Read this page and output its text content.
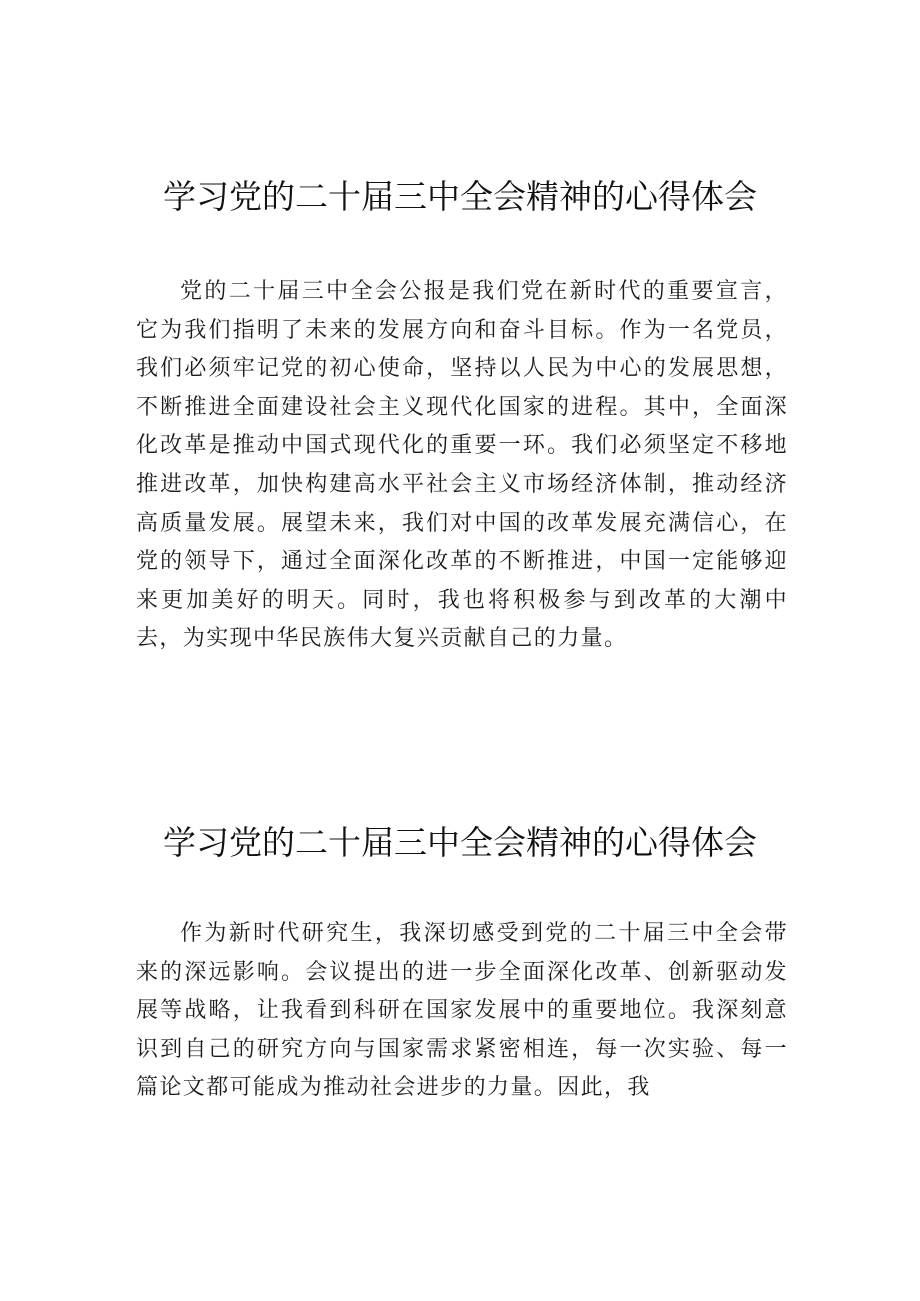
学习党的二十届三中全会精神的心得体会

党的二十届三中全会公报是我们党在新时代的重要宣言，它为我们指明了未来的发展方向和奋斗目标。作为一名党员，我们必须牢记党的初心使命，坚持以人民为中心的发展思想，不断推进全面建设社会主义现代化国家的进程。其中，全面深化改革是推动中国式现代化的重要一环。我们必须坚定不移地推进改革，加快构建高水平社会主义市场经济体制，推动经济高质量发展。展望未来，我们对中国的改革发展充满信心，在党的领导下，通过全面深化改革的不断推进，中国一定能够迎来更加美好的明天。同时，我也将积极参与到改革的大潮中去，为实现中华民族伟大复兴贡献自己的力量。

学习党的二十届三中全会精神的心得体会

作为新时代研究生，我深切感受到党的二十届三中全会带来的深远影响。会议提出的进一步全面深化改革、创新驱动发展等战略，让我看到科研在国家发展中的重要地位。我深刻意识到自己的研究方向与国家需求紧密相连，每一次实验、每一篇论文都可能成为推动社会进步的力量。因此，我
